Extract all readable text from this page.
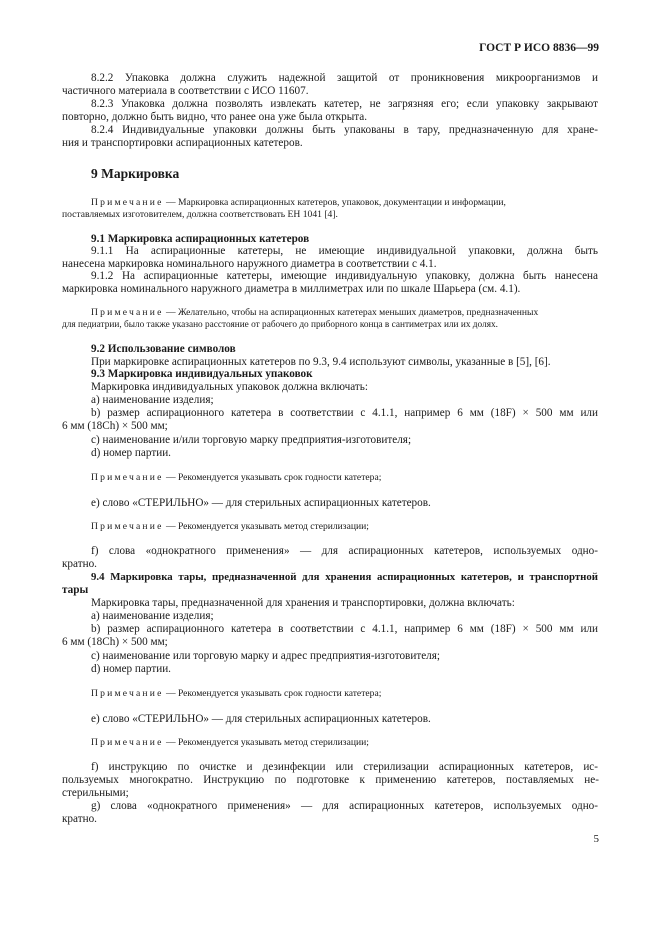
ГОСТ Р ИСО 8836—99
8.2.2 Упаковка должна служить надежной защитой от проникновения микроорганизмов и
частичного материала в соответствии с ИСО 11607.
8.2.3 Упаковка должна позволять извлекать катетер, не загрязняя его; если упаковку закрывают
повторно, должно быть видно, что ранее она уже была открыта.
8.2.4 Индивидуальные упаковки должны быть упакованы в тару, предназначенную для хране-
ния и транспортировки аспирационных катетеров.
9 Маркировка
Примечание — Маркировка аспирационных катетеров, упаковок, документации и информации,
поставляемых изготовителем, должна соответствовать ЕН 1041 [4].
9.1 Маркировка аспирационных катетеров
9.1.1 На аспирационные катетеры, не имеющие индивидуальной упаковки, должна быть
нанесена маркировка номинального наружного диаметра в соответствии с 4.1.
9.1.2 На аспирационные катетеры, имеющие индивидуальную упаковку, должна быть нанесена
маркировка номинального наружного диаметра в миллиметрах или по шкале Шарьера (см. 4.1).
Примечание — Желательно, чтобы на аспирационных катетерах меньших диаметров, предназначенных
для педиатрии, было также указано расстояние от рабочего до приборного конца в сантиметрах или их долях.
9.2 Использование символов
При маркировке аспирационных катетеров по 9.3, 9.4 используют символы, указанные в [5], [6].
9.3 Маркировка индивидуальных упаковок
Маркировка индивидуальных упаковок должна включать:
а) наименование изделия;
b) размер аспирационного катетера в соответствии с 4.1.1, например 6 мм (18F) × 500 мм или
6 мм (18Ch) × 500 мм;
с) наименование и/или торговую марку предприятия-изготовителя;
d) номер партии.
Примечание — Рекомендуется указывать срок годности катетера;
е) слово «СТЕРИЛЬНО» — для стерильных аспирационных катетеров.
Примечание — Рекомендуется указывать метод стерилизации;
f) слова «однократного применения» — для аспирационных катетеров, используемых одно-
кратно.
9.4 Маркировка тары, предназначенной для хранения аспирационных катетеров, и транспортной
тары
Маркировка тары, предназначенной для хранения и транспортировки, должна включать:
а) наименование изделия;
b) размер аспирационного катетера в соответствии с 4.1.1, например 6 мм (18F) × 500 мм или
6 мм (18Ch) × 500 мм;
с) наименование или торговую марку и адрес предприятия-изготовителя;
d) номер партии.
Примечание — Рекомендуется указывать срок годности катетера;
е) слово «СТЕРИЛЬНО» — для стерильных аспирационных катетеров.
Примечание — Рекомендуется указывать метод стерилизации;
f) инструкцию по очистке и дезинфекции или стерилизации аспирационных катетеров, ис-
пользуемых многократно. Инструкцию по подготовке к применению катетеров, поставляемых не-
стерильными;
g) слова «однократного применения» — для аспирационных катетеров, используемых одно-
кратно.
5
